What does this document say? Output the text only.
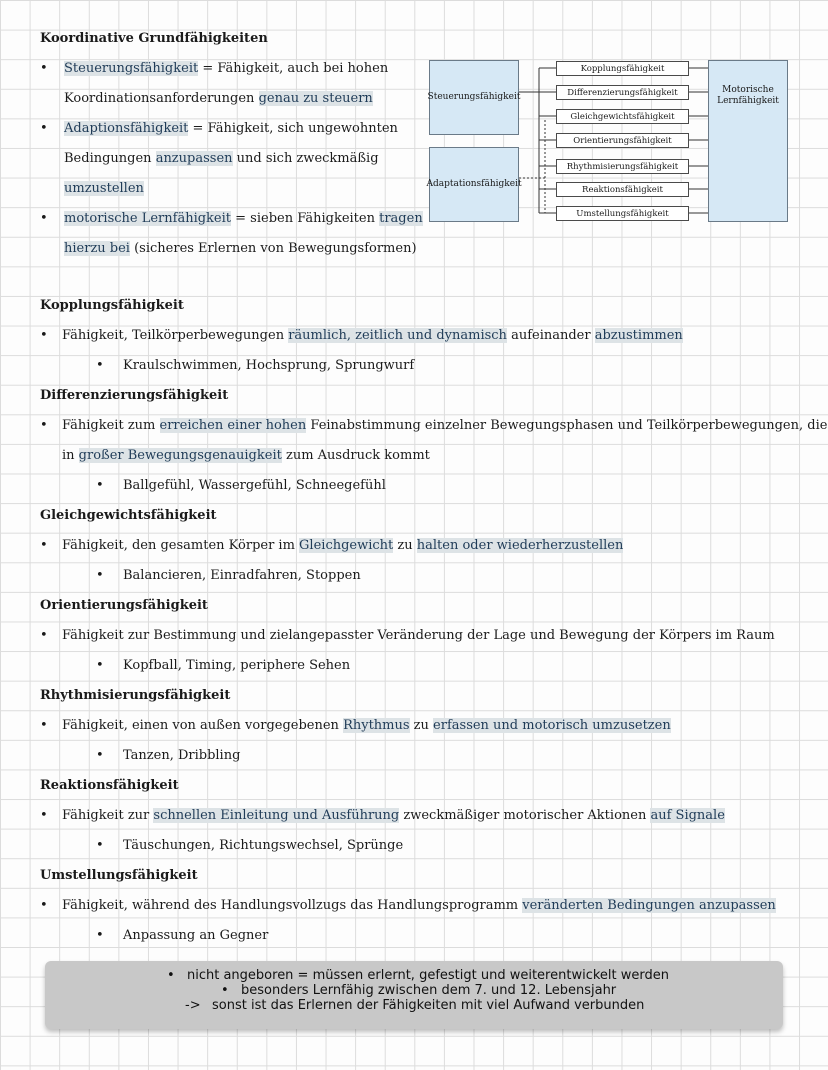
Koordinative Grundfähigkeiten
• Steuerungsfähigkeit = Fähigkeit, auch bei hohen
Koordinationsanforderungen genau zu steuern
• Adaptionsfähigkeit = Fähigkeit, sich ungewohnten
Bedingungen anzupassen und sich zweckmäßig
umzustellen
• motorische Lernfähigkeit = sieben Fähigkeiten tragen
hierzu bei (sicheres Erlernen von Bewegungsformen)
Steuerungsfähigkeit
Adaptationsfähigkeit
Motorische Lernfähigkeit
Kopplungsfähigkeit
Differenzierungsfähigkeit
Gleichgewichtsfähigkeit
Orientierungsfähigkeit
Rhythmisierungsfähigkeit
Reaktionsfähigkeit
Umstellungsfähigkeit
Kopplungsfähigkeit
• Fähigkeit, Teilkörperbewegungen räumlich, zeitlich und dynamisch aufeinander abzustimmen
• Kraulschwimmen, Hochsprung, Sprungwurf
Differenzierungsfähigkeit
• Fähigkeit zum erreichen einer hohen Feinabstimmung einzelner Bewegungsphasen und Teilkörperbewegungen, die
in großer Bewegungsgenauigkeit zum Ausdruck kommt
• Ballgefühl, Wassergefühl, Schneegefühl
Gleichgewichtsfähigkeit
• Fähigkeit, den gesamten Körper im Gleichgewicht zu halten oder wiederherzustellen
• Balancieren, Einradfahren, Stoppen
Orientierungsfähigkeit
• Fähigkeit zur Bestimmung und zielangepasster Veränderung der Lage und Bewegung der Körpers im Raum
• Kopfball, Timing, periphere Sehen
Rhythmisierungsfähigkeit
• Fähigkeit, einen von außen vorgegebenen Rhythmus zu erfassen und motorisch umzusetzen
• Tanzen, Dribbling
Reaktionsfähigkeit
• Fähigkeit zur schnellen Einleitung und Ausführung zweckmäßiger motorischer Aktionen auf Signale
• Täuschungen, Richtungswechsel, Sprünge
Umstellungsfähigkeit
• Fähigkeit, während des Handlungsvollzugs das Handlungsprogramm veränderten Bedingungen anzupassen
• Anpassung an Gegner
• nicht angeboren = müssen erlernt, gefestigt und weiterentwickelt werden
• besonders Lernfähig zwischen dem 7. und 12. Lebensjahr
-> sonst ist das Erlernen der Fähigkeiten mit viel Aufwand verbunden
